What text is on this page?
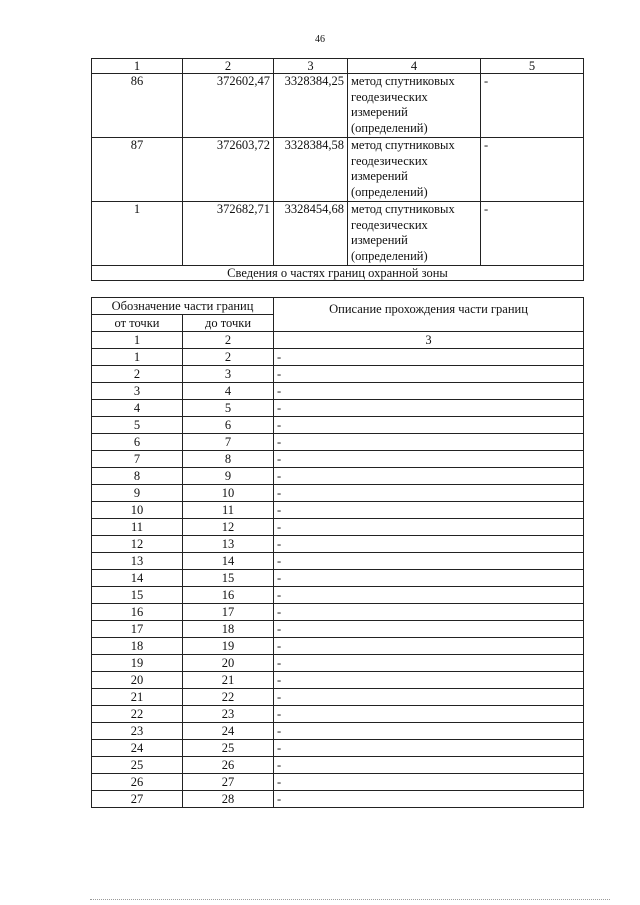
46
1	2	3	4	5
86	372602,47	3328384,25	метод спутниковых геодезических измерений (определений)	-
87	372603,72	3328384,58	метод спутниковых геодезических измерений (определений)	-
1	372682,71	3328454,68	метод спутниковых геодезических измерений (определений)	-
Сведения о частях границ охранной зоны				
Обозначение части границ		Описание прохождения части границ
от точки	до точки	
1	2	3
1	2	-
2	3	-
3	4	-
4	5	-
5	6	-
6	7	-
7	8	-
8	9	-
9	10	-
10	11	-
11	12	-
12	13	-
13	14	-
14	15	-
15	16	-
16	17	-
17	18	-
18	19	-
19	20	-
20	21	-
21	22	-
22	23	-
23	24	-
24	25	-
25	26	-
26	27	-
27	28	-
